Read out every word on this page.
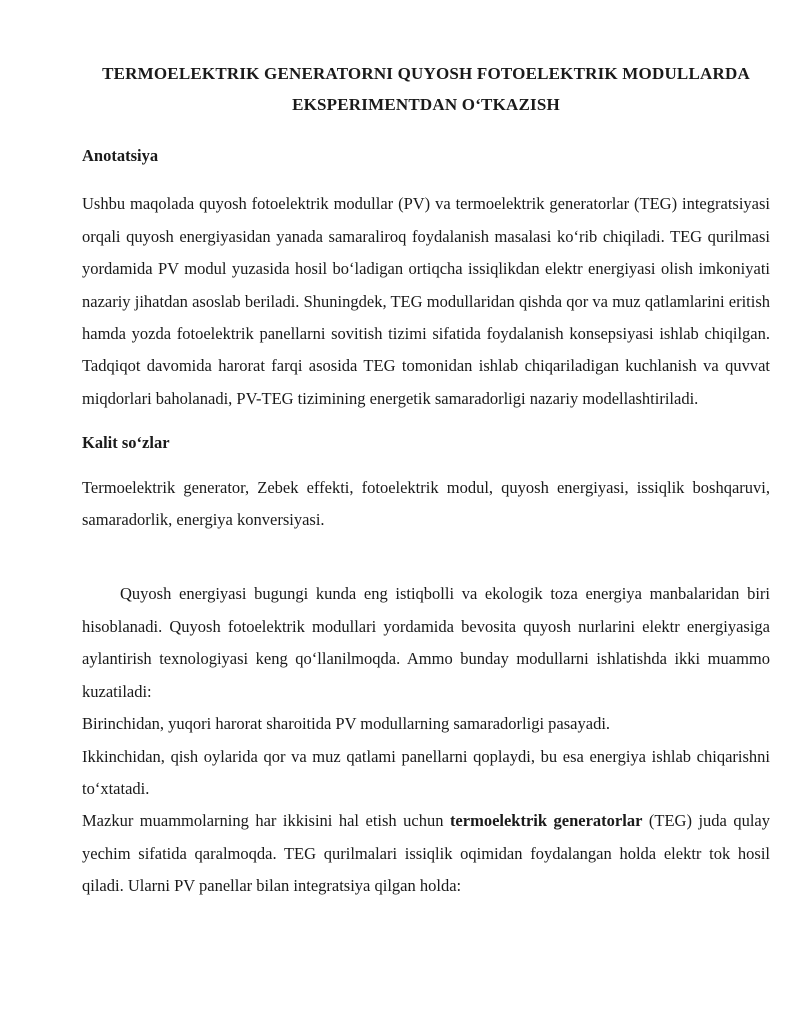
TERMOELEKTRIK GENERATORNI QUYOSH FOTOELEKTRIK MODULLARDA EKSPERIMENTDAN O‘TKAZISH
Anotatsiya

Ushbu maqolada quyosh fotoelektrik modullar (PV) va termoelektrik generatorlar (TEG) integratsiyasi orqali quyosh energiyasidan yanada samaraliroq foydalanish masalasi ko‘rib chiqiladi. TEG qurilmasi yordamida PV modul yuzasida hosil bo‘ladigan ortiqcha issiqlikdan elektr energiyasi olish imkoniyati nazariy jihatdan asoslab beriladi. Shuningdek, TEG modullaridan qishda qor va muz qatlamlarini eritish hamda yozda fotoelektrik panellarni sovitish tizimi sifatida foydalanish konsepsiyasi ishlab chiqilgan. Tadqiqot davomida harorat farqi asosida TEG tomonidan ishlab chiqariladigan kuchlanish va quvvat miqdorlari baholanadi, PV-TEG tizimining energetik samaradorligi nazariy modellashtiriladi.

Kalit so‘zlar

Termoelektrik generator, Zebek effekti, fotoelektrik modul, quyosh energiyasi, issiqlik boshqaruvi, samaradorlik, energiya konversiyasi.

Quyosh energiyasi bugungi kunda eng istiqbolli va ekologik toza energiya manbalaridan biri hisoblanadi. Quyosh fotoelektrik modullari yordamida bevosita quyosh nurlarini elektr energiyasiga aylantirish texnologiyasi keng qo‘llanilmoqda. Ammo bunday modullarni ishlatishda ikki muammo kuzatiladi:

Birinchidan, yuqori harorat sharoitida PV modullarning samaradorligi pasayadi.

Ikkinchidan, qish oylarida qor va muz qatlami panellarni qoplaydi, bu esa energiya ishlab chiqarishni to‘xtatadi.

Mazkur muammolarning har ikkisini hal etish uchun termoelektrik generatorlar (TEG) juda qulay yechim sifatida qaralmoqda. TEG qurilmalari issiqlik oqimidan foydalangan holda elektr tok hosil qiladi. Ularni PV panellar bilan integratsiya qilgan holda:
